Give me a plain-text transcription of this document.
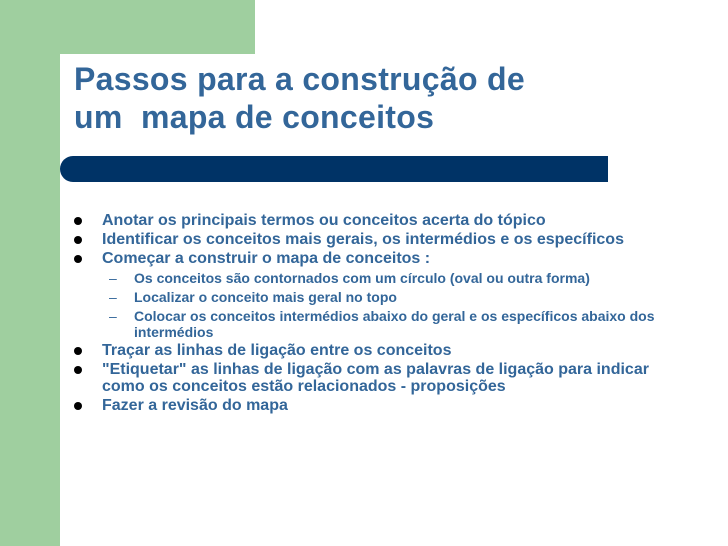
Passos para a construção de
um  mapa de conceitos
Anotar os principais termos ou conceitos acerta do tópico
Identificar os conceitos mais gerais, os intermédios e os específicos
Começar a construir o mapa de conceitos :
– Os conceitos são contornados com um círculo (oval ou outra forma)
– Localizar o conceito mais geral no topo
– Colocar os conceitos intermédios abaixo do geral e os específicos abaixo dos intermédios
Traçar as linhas de ligação entre os conceitos
"Etiquetar" as linhas de ligação com as palavras de ligação para indicar como os conceitos estão relacionados - proposições
Fazer a revisão do mapa
